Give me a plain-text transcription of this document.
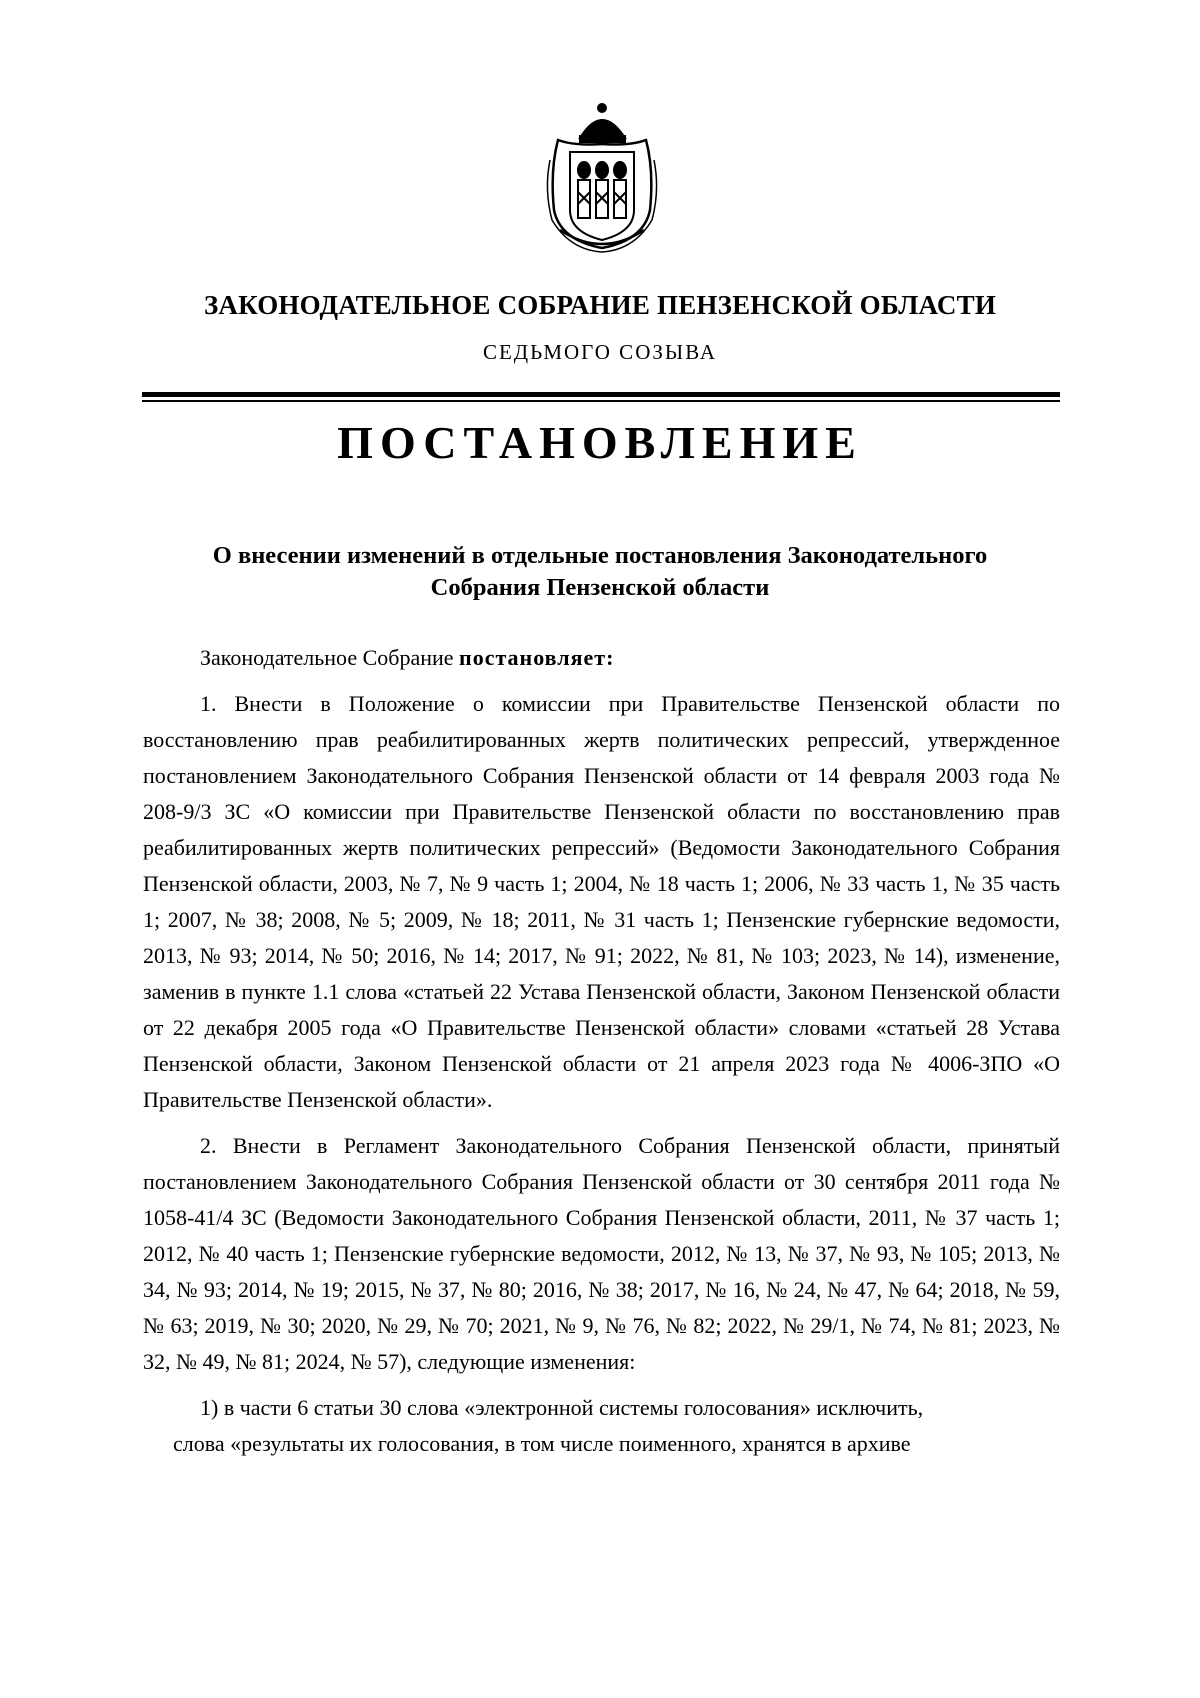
ЗАКОНОДАТЕЛЬНОЕ СОБРАНИЕ ПЕНЗЕНСКОЙ ОБЛАСТИ
СЕДЬМОГО СОЗЫВА
ПОСТАНОВЛЕНИЕ
О внесении изменений в отдельные постановления Законодательного
Собрания Пензенской области

Законодательное Собрание постановляет:

1. Внести в Положение о комиссии при Правительстве Пензенской области по восстановлению прав реабилитированных жертв политических репрессий, утвержденное постановлением Законодательного Собрания Пензенской области от 14 февраля 2003 года № 208-9/3 ЗС «О комиссии при Правительстве Пензенской области по восстановлению прав реабилитированных жертв политических репрессий» (Ведомости Законодательного Собрания Пензенской области, 2003, № 7, № 9 часть 1; 2004, № 18 часть 1; 2006, № 33 часть 1, № 35 часть 1; 2007, № 38; 2008, № 5; 2009, № 18; 2011, № 31 часть 1; Пензенские губернские ведомости, 2013, № 93; 2014, № 50; 2016, № 14; 2017, № 91; 2022, № 81, № 103; 2023, № 14), изменение, заменив в пункте 1.1 слова «статьей 22 Устава Пензенской области, Законом Пензенской области от 22 декабря 2005 года «О Правительстве Пензенской области» словами «статьей 28 Устава Пензенской области, Законом Пензенской области от 21 апреля 2023 года № 4006-ЗПО «О Правительстве Пензенской области».

2. Внести в Регламент Законодательного Собрания Пензенской области, принятый постановлением Законодательного Собрания Пензенской области от 30 сентября 2011 года № 1058-41/4 ЗС (Ведомости Законодательного Собрания Пензенской области, 2011, № 37 часть 1; 2012, № 40 часть 1; Пензенские губернские ведомости, 2012, № 13, № 37, № 93, № 105; 2013, № 34, № 93; 2014, № 19; 2015, № 37, № 80; 2016, № 38; 2017, № 16, № 24, № 47, № 64; 2018, № 59, № 63; 2019, № 30; 2020, № 29, № 70; 2021, № 9, № 76, № 82; 2022, № 29/1, № 74, № 81; 2023, № 32, № 49, № 81; 2024, № 57), следующие изменения:

1) в части 6 статьи 30 слова «электронной системы голосования» исключить,

слова «результаты их голосования, в том числе поименного, хранятся в архиве
